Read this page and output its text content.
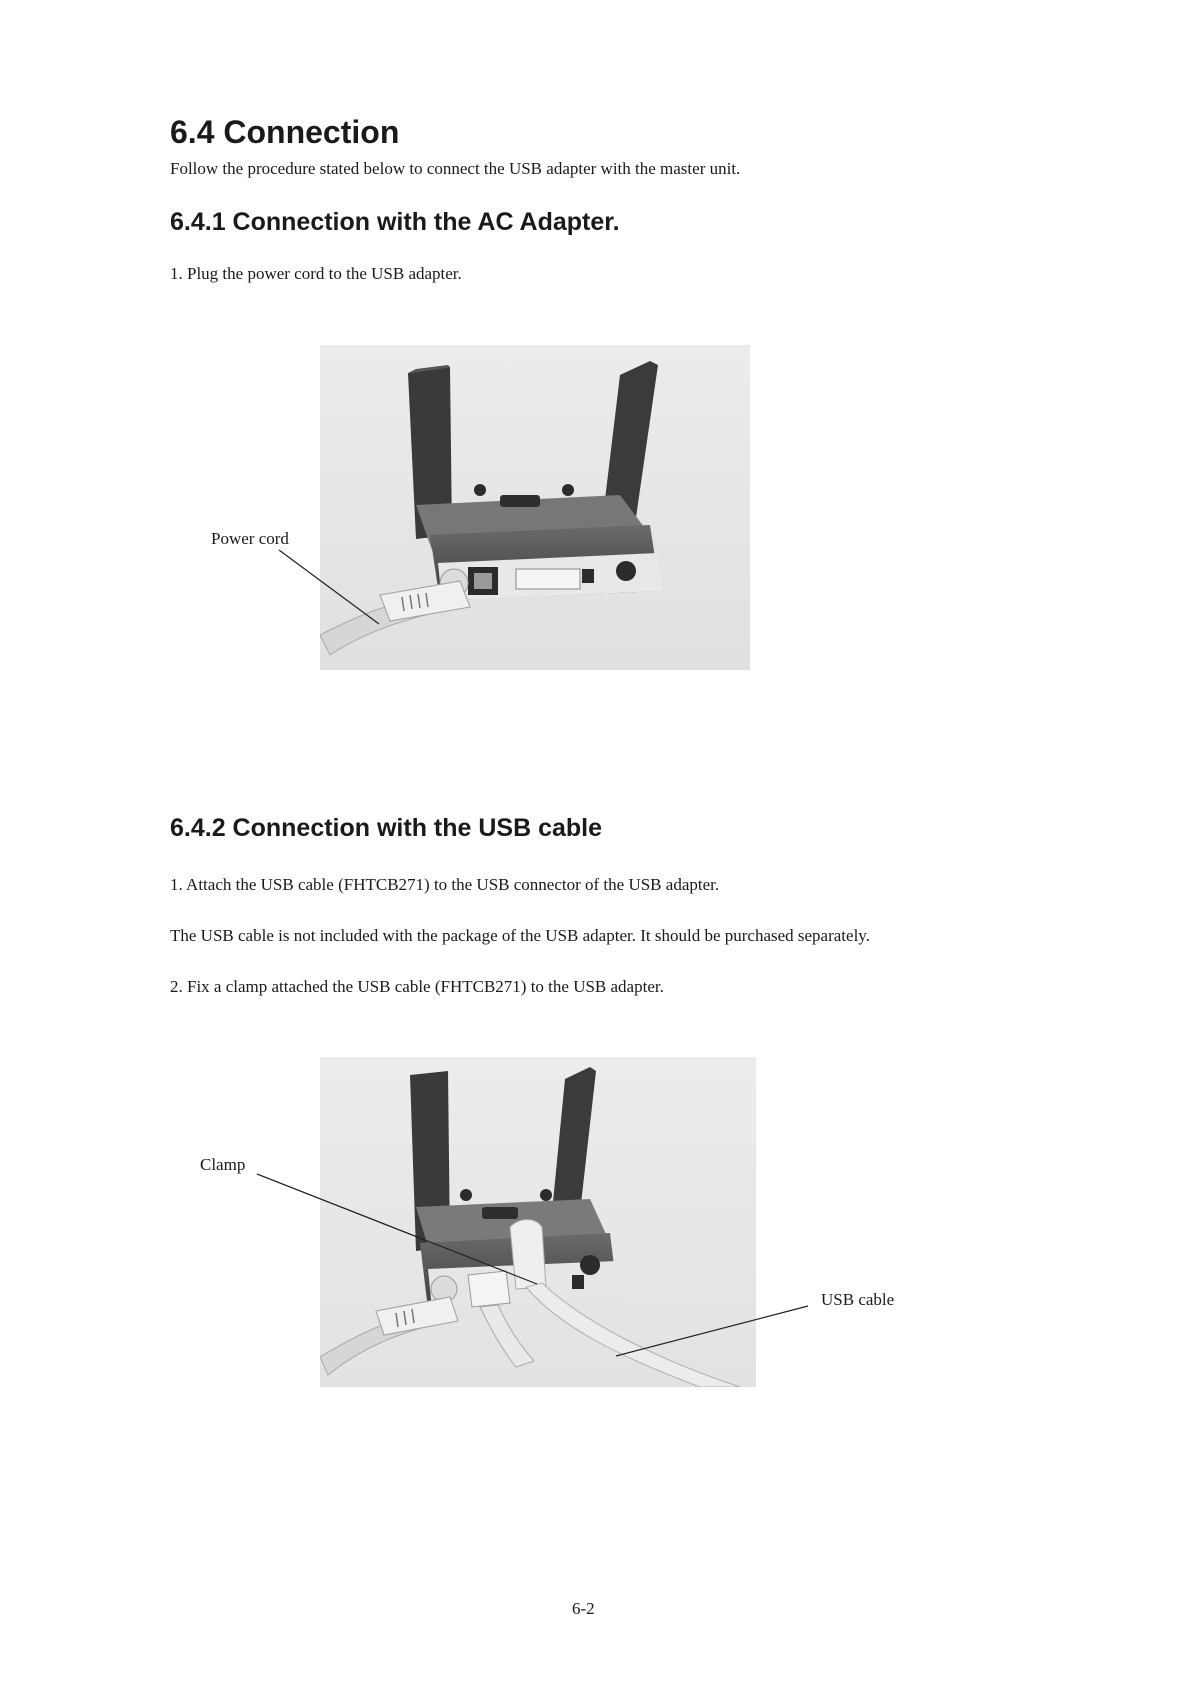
6.4 Connection
Follow the procedure stated below to connect the USB adapter with the master unit.
6.4.1 Connection with the AC Adapter.
1. Plug the power cord to the USB adapter.
Power cord
6.4.2 Connection with the USB cable
1. Attach the USB cable (FHTCB271) to the USB connector of the USB adapter.
The USB cable is not included with the package of the USB adapter. It should be purchased separately.
2. Fix a clamp attached the USB cable (FHTCB271) to the USB adapter.
Clamp
USB cable
6-2
